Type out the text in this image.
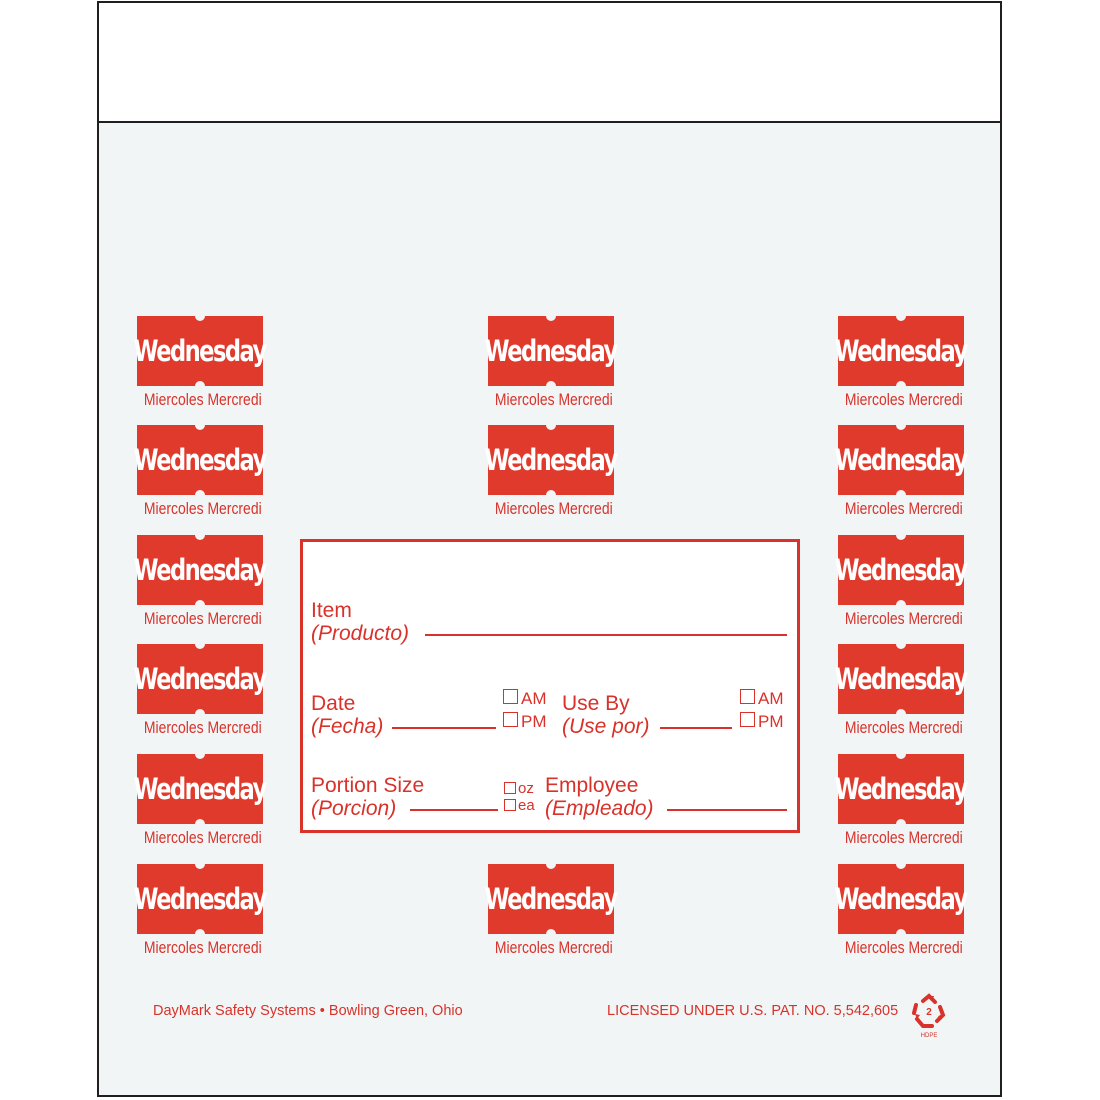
Wednesday
Miercoles Mercredi
Wednesday
Miercoles Mercredi
Wednesday
Miercoles Mercredi
Wednesday
Miercoles Mercredi
Wednesday
Miercoles Mercredi
Wednesday
Miercoles Mercredi
Wednesday
Miercoles Mercredi
Wednesday
Miercoles Mercredi
Wednesday
Miercoles Mercredi
Wednesday
Miercoles Mercredi
Wednesday
Miercoles Mercredi
Wednesday
Miercoles Mercredi
Wednesday
Miercoles Mercredi
Wednesday
Miercoles Mercredi
Wednesday
Miercoles Mercredi
Item
(Producto)
Date
(Fecha)
AM
PM
Use By
(Use por)
AM
PM
Portion Size
(Porcion)
oz
ea
Employee
(Empleado)
DayMark Safety Systems • Bowling Green, Ohio	LICENSED UNDER U.S. PAT. NO. 5,542,605	2
HDPE
